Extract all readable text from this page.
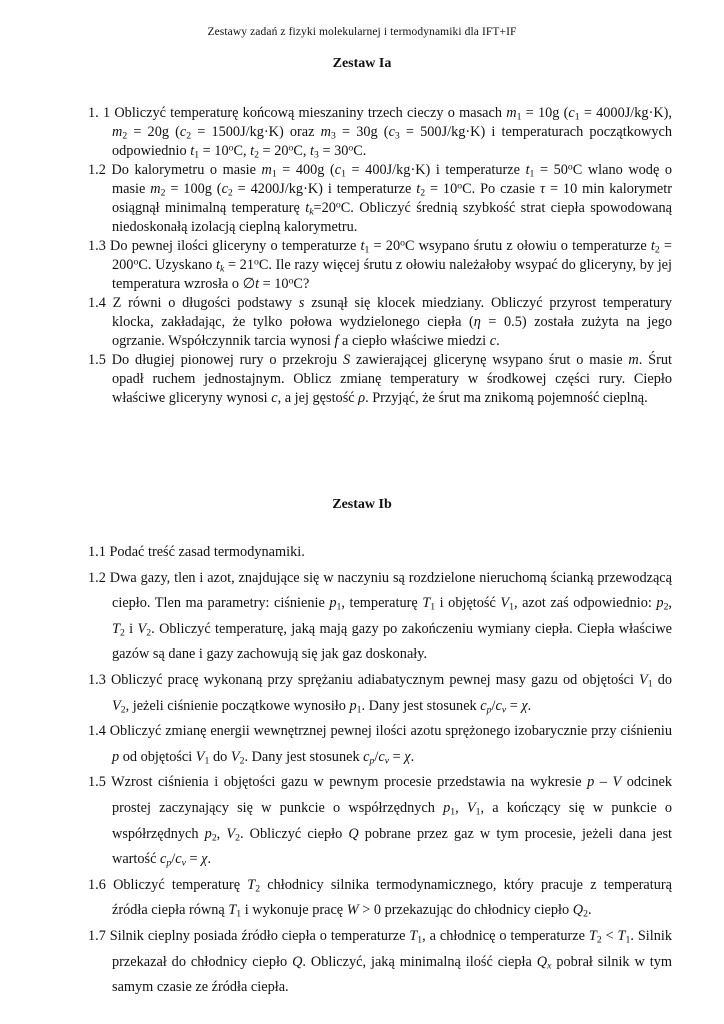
Zestawy zadań z fizyki molekularnej i termodynamiki dla IFT+IF
Zestaw Ia
1. 1 Obliczyć temperaturę końcową mieszaniny trzech cieczy o masach $m_1 = 10g$ $(c_1 = 4000J/kg\cdot K)$, $m_2 = 20g$ $(c_2 = 1500J/kg\cdot K)$ oraz $m_3 = 30g$ $(c_3 = 500J/kg\cdot K)$ i temperaturach początkowych odpowiednio $t_1 = 10^oC$, $t_2 = 20^oC$, $t_3 = 30^oC$.
1.2 Do kalorymetru o masie $m_1 = 400g$ $(c_1 = 400J/kg\cdot K)$ i temperaturze $t_1 = 50^oC$ wlano wodę o masie $m_2 = 100g$ $(c_2 = 4200J/kg\cdot K)$ i temperaturze $t_2 = 10^oC$. Po czasie τ = 10 min kalorymetr osiągnął minimalną temperaturę $t_k=20^oC$. Obliczyć średnią szybkość strat ciepła spowodowaną niedoskonałą izolacją cieplną kalorymetru.
1.3 Do pewnej ilości gliceryny o temperaturze $t_1 = 20^oC$ wsypano śrutu z ołowiu o temperaturze $t_2 = 200^oC$. Uzyskano $t_k = 21^oC$. Ile razy więcej śrutu z ołowiu należałoby wsypać do gliceryny, by jej temperatura wzrosła o ∅t = $10^oC$?
1.4 Z równi o długości podstawy s zsunął się klocek miedziany. Obliczyć przyrost temperatury klocka, zakładając, że tylko połowa wydzielonego ciepła (η = 0.5) została zużyta na jego ogrzanie. Współczynnik tarcia wynosi f a ciepło właściwe miedzi c.
1.5 Do długiej pionowej rury o przekroju S zawierającej glicerynę wsypano śrut o masie m. Śrut opadł ruchem jednostajnym. Oblicz zmianę temperatury w środkowej części rury. Ciepło właściwe gliceryny wynosi c, a jej gęstość ρ. Przyjąć, że śrut ma znikomą pojemność cieplną.
Zestaw Ib
1.1 Podać treść zasad termodynamiki.
1.2 Dwa gazy, tlen i azot, znajdujące się w naczyniu są rozdzielone nieruchomą ścianką przewodzącą ciepło. Tlen ma parametry: ciśnienie $p_1$, temperaturę $T_1$ i objętość $V_1$, azot zaś odpowiednio: $p_2$, $T_2$ i $V_2$. Obliczyć temperaturę, jaką mają gazy po zakończeniu wymiany ciepła. Ciepła właściwe gazów są dane i gazy zachowują się jak gaz doskonały.
1.3 Obliczyć pracę wykonaną przy sprężaniu adiabatycznym pewnej masy gazu od objętości $V_1$ do $V_2$, jeżeli ciśnienie początkowe wynosiło $p_1$. Dany jest stosunek $c_p/c_v = \chi$.
1.4 Obliczyć zmianę energii wewnętrznej pewnej ilości azotu sprężonego izobarycznie przy ciśnieniu p od objętości $V_1$ do $V_2$. Dany jest stosunek $c_p/c_v = \chi$.
1.5 Wzrost ciśnienia i objętości gazu w pewnym procesie przedstawia na wykresie p – V odcinek prostej zaczynający się w punkcie o współrzędnych $p_1$, $V_1$, a kończący się w punkcie o współrzędnych $p_2$, $V_2$. Obliczyć ciepło Q pobrane przez gaz w tym procesie, jeżeli dana jest wartość $c_p/c_v = \chi$.
1.6 Obliczyć temperaturę $T_2$ chłodnicy silnika termodynamicznego, który pracuje z temperaturą źródła ciepła równą $T_1$ i wykonuje pracę W > 0 przekazując do chłodnicy ciepło $Q_2$.
1.7 Silnik cieplny posiada źródło ciepła o temperaturze $T_1$, a chłodnicę o temperaturze $T_2 < T_1$. Silnik przekazał do chłodnicy ciepło Q. Obliczyć, jaką minimalną ilość ciepła $Q_x$ pobrał silnik w tym samym czasie ze źródła ciepła.
